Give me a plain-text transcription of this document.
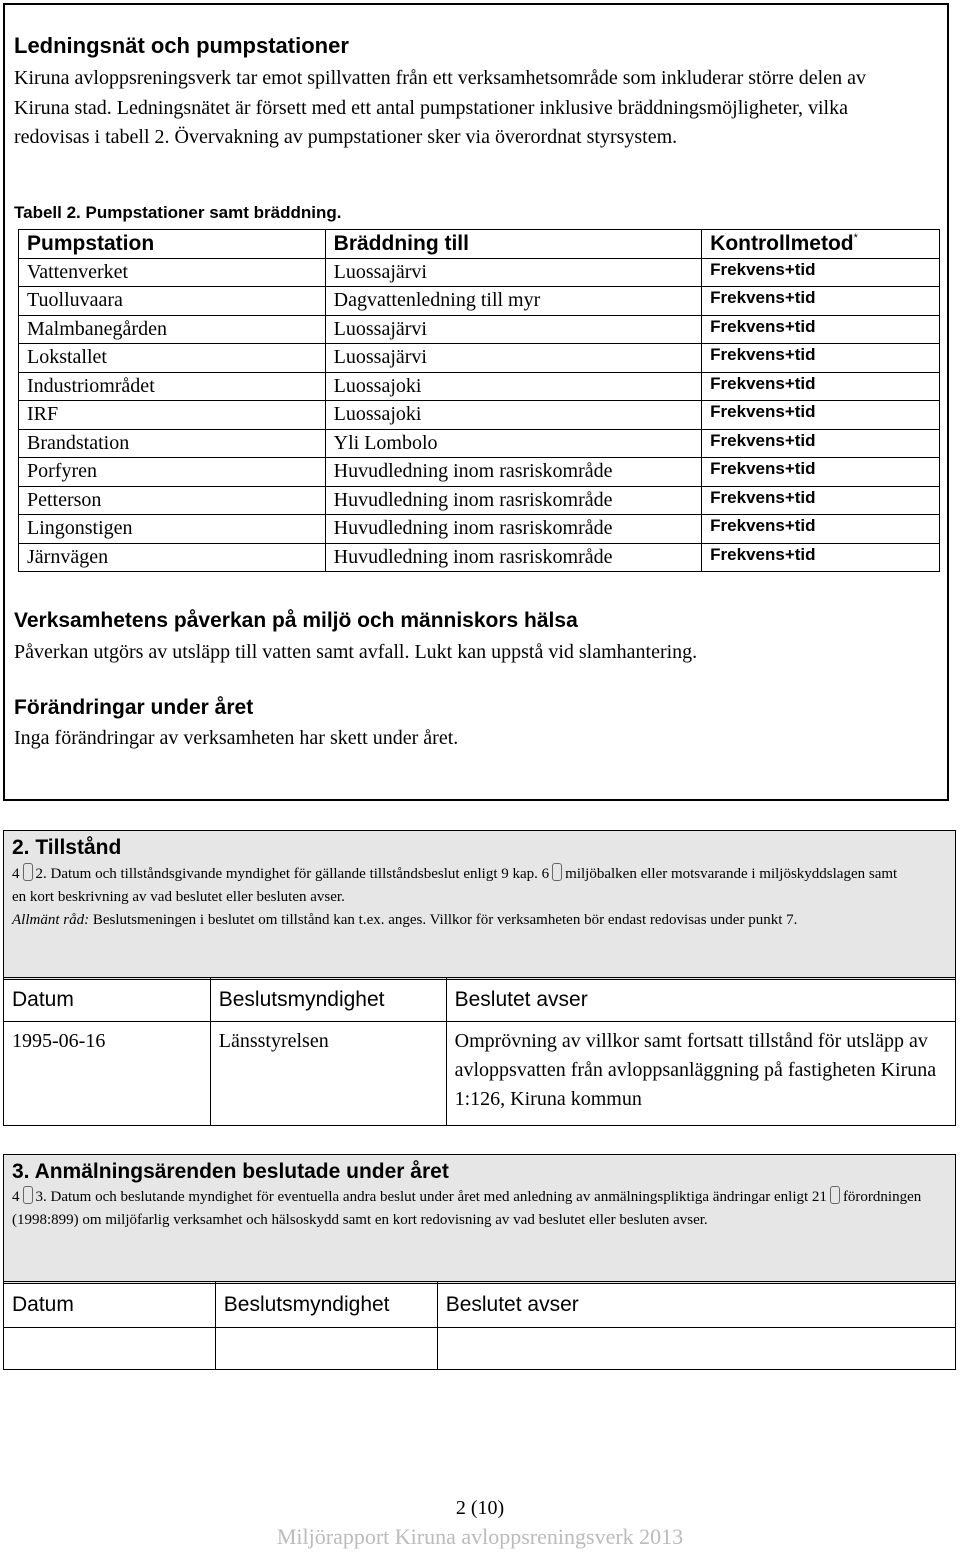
Ledningsnät och pumpstationer
Kiruna avloppsreningsverk tar emot spillvatten från ett verksamhetsområde som inkluderar större delen av Kiruna stad. Ledningsnätet är försett med ett antal pumpstationer inklusive bräddningsmöjligheter, vilka redovisas i tabell 2. Övervakning av pumpstationer sker via överordnat styrsystem.
Tabell 2. Pumpstationer samt bräddning.
Pumpstation	Bräddning till	Kontrollmetod*
Vattenverket	Luossajärvi	Frekvens+tid
Tuolluvaara	Dagvattenledning till myr	Frekvens+tid
Malmbanegården	Luossajärvi	Frekvens+tid
Lokstallet	Luossajärvi	Frekvens+tid
Industriområdet	Luossajoki	Frekvens+tid
IRF	Luossajoki	Frekvens+tid
Brandstation	Yli Lombolo	Frekvens+tid
Porfyren	Huvudledning inom rasriskområde	Frekvens+tid
Petterson	Huvudledning inom rasriskområde	Frekvens+tid
Lingonstigen	Huvudledning inom rasriskområde	Frekvens+tid
Järnvägen	Huvudledning inom rasriskområde	Frekvens+tid
Verksamhetens påverkan på miljö och människors hälsa
Påverkan utgörs av utsläpp till vatten samt avfall. Lukt kan uppstå vid slamhantering.
Förändringar under året
Inga förändringar av verksamheten har skett under året.
2. Tillstånd
4 2. Datum och tillståndsgivande myndighet för gällande tillståndsbeslut enligt 9 kap. 6 miljöbalken eller motsvarande i miljöskyddslagen samt en kort beskrivning av vad beslutet eller besluten avser.
Allmänt råd: Beslutsmeningen i beslutet om tillstånd kan t.ex. anges. Villkor för verksamheten bör endast redovisas under punkt 7.
Datum	Beslutsmyndighet	Beslutet avser
1995-06-16	Länsstyrelsen	Omprövning av villkor samt fortsatt tillstånd för utsläpp av avloppsvatten från avloppsanläggning på fastigheten Kiruna 1:126, Kiruna kommun
3. Anmälningsärenden beslutade under året
4 3. Datum och beslutande myndighet för eventuella andra beslut under året med anledning av anmälningspliktiga ändringar enligt 21 förordningen (1998:899) om miljöfarlig verksamhet och hälsoskydd samt en kort redovisning av vad beslutet eller besluten avser.
Datum	Beslutsmyndighet	Beslutet avser

2 (10)
Miljörapport Kiruna avloppsreningsverk 2013
